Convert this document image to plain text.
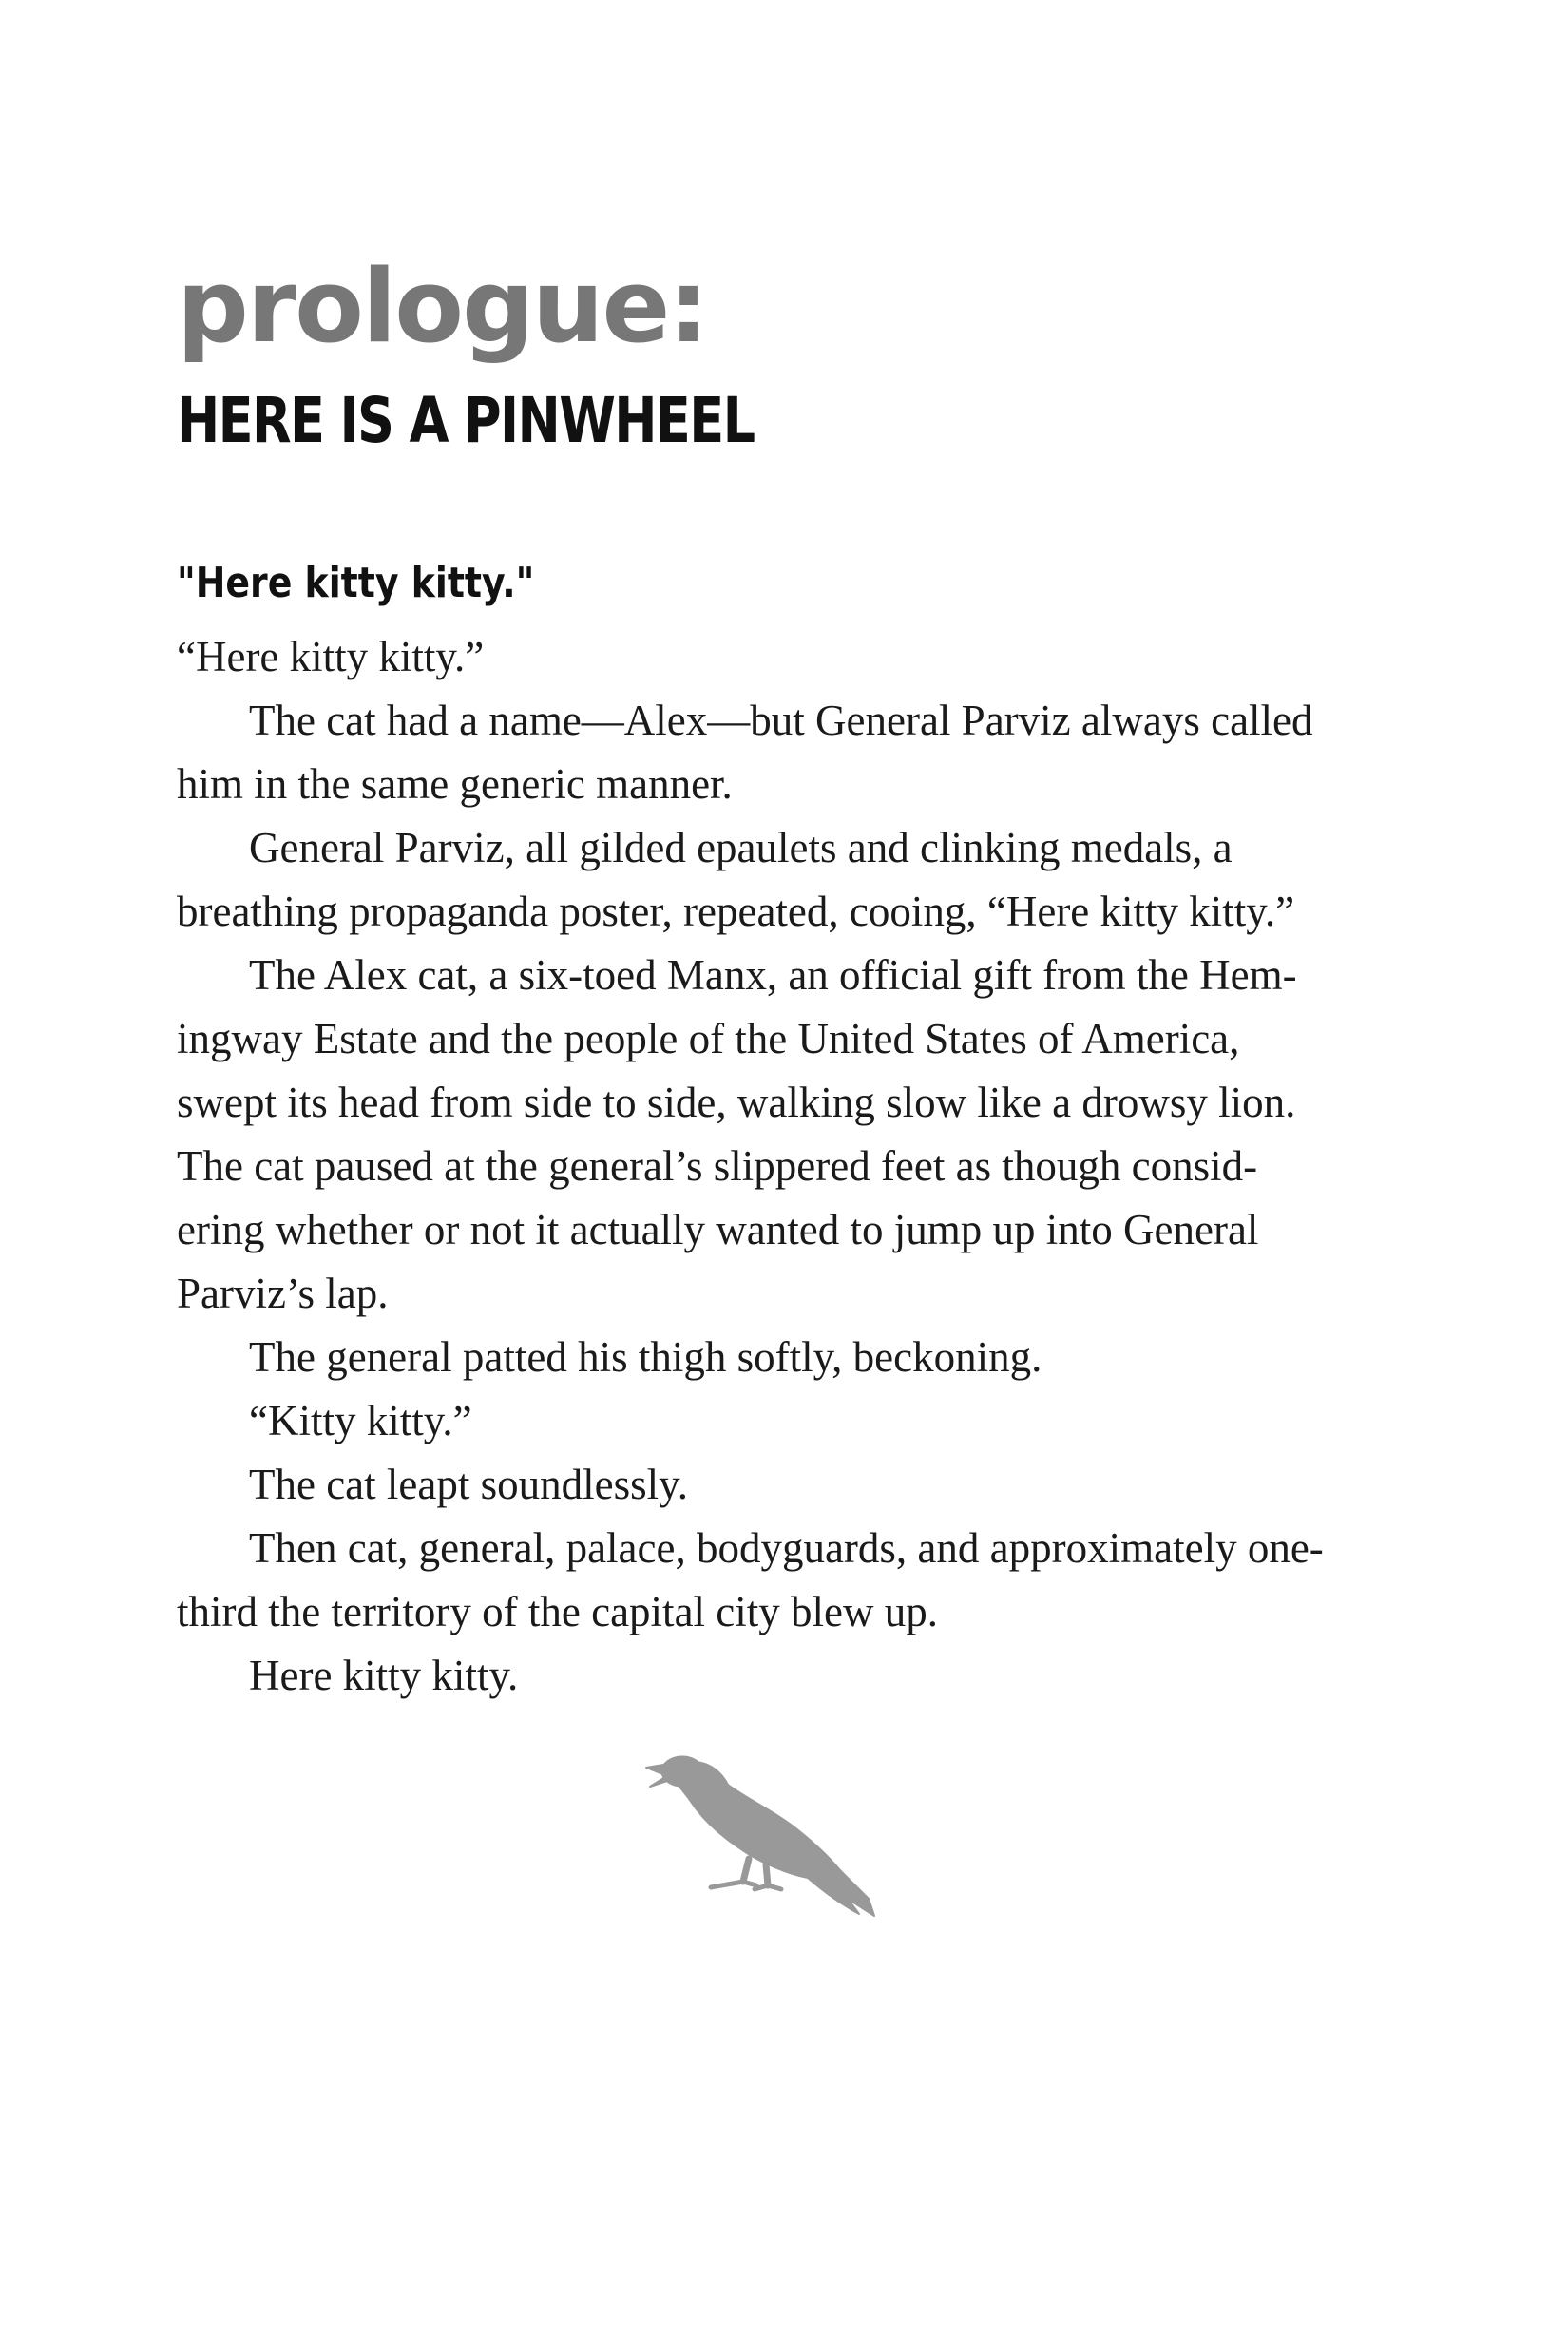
prologue:
HERE IS A PINWHEEL

"Here kitty kitty."

“Here kitty kitty.”
The cat had a name—Alex—but General Parviz always called
him in the same generic manner.
General Parviz, all gilded epaulets and clinking medals, a
breathing propaganda poster, repeated, cooing, “Here kitty kitty.”
The Alex cat, a six-toed Manx, an official gift from the Hem-
ingway Estate and the people of the United States of America,
swept its head from side to side, walking slow like a drowsy lion.
The cat paused at the general’s slippered feet as though consid-
ering whether or not it actually wanted to jump up into General
Parviz’s lap.
The general patted his thigh softly, beckoning.
“Kitty kitty.”
The cat leapt soundlessly.
Then cat, general, palace, bodyguards, and approximately one-
third the territory of the capital city blew up.
Here kitty kitty.
